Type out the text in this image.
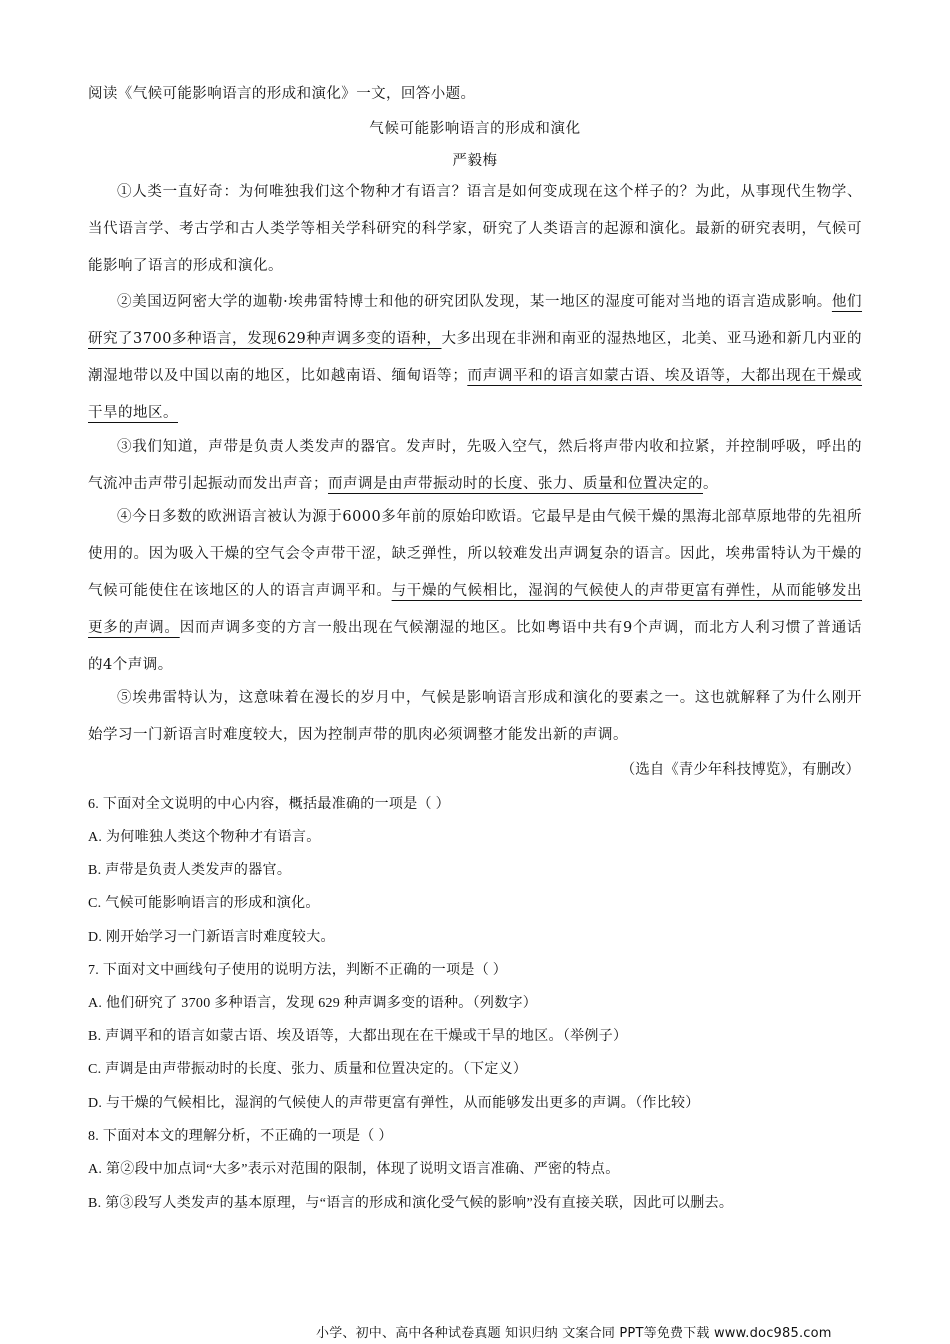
阅读《气候可能影响语言的形成和演化》一文，回答小题。
气候可能影响语言的形成和演化
严毅梅
①人类一直好奇：为何唯独我们这个物种才有语言？语言是如何变成现在这个样子的？为此，从事现代生物学、当代语言学、考古学和古人类学等相关学科研究的科学家，研究了人类语言的起源和演化。最新的研究表明，气候可能影响了语言的形成和演化。
②美国迈阿密大学的迦勒·埃弗雷特博士和他的研究团队发现，某一地区的湿度可能对当地的语言造成影响。他们研究了3700多种语言，发现629种声调多变的语种，大多出现在非洲和南亚的湿热地区，北美、亚马逊和新几内亚的潮湿地带以及中国以南的地区，比如越南语、缅甸语等；而声调平和的语言如蒙古语、埃及语等，大都出现在干燥或干旱的地区。
③我们知道，声带是负责人类发声的器官。发声时，先吸入空气，然后将声带内收和拉紧，并控制呼吸，呼出的气流冲击声带引起振动而发出声音；而声调是由声带振动时的长度、张力、质量和位置决定的。
④今日多数的欧洲语言被认为源于6000多年前的原始印欧语。它最早是由气候干燥的黑海北部草原地带的先祖所使用的。因为吸入干燥的空气会令声带干涩，缺乏弹性，所以较难发出声调复杂的语言。因此，埃弗雷特认为干燥的气候可能使住在该地区的人的语言声调平和。与干燥的气候相比，湿润的气候使人的声带更富有弹性，从而能够发出更多的声调。因而声调多变的方言一般出现在气候潮湿的地区。比如粤语中共有9个声调，而北方人利习惯了普通话的4个声调。
⑤埃弗雷特认为，这意味着在漫长的岁月中，气候是影响语言形成和演化的要素之一。这也就解释了为什么刚开始学习一门新语言时难度较大，因为控制声带的肌肉必须调整才能发出新的声调。
（选自《青少年科技博览》，有删改）
6. 下面对全文说明的中心内容，概括最准确的一项是（ ）
A. 为何唯独人类这个物种才有语言。
B. 声带是负责人类发声的器官。
C. 气候可能影响语言的形成和演化。
D. 刚开始学习一门新语言时难度较大。
7. 下面对文中画线句子使用的说明方法，判断不正确的一项是（ ）
A. 他们研究了 3700 多种语言，发现 629 种声调多变的语种。（列数字）
B. 声调平和的语言如蒙古语、埃及语等，大都出现在在干燥或干旱的地区。（举例子）
C. 声调是由声带振动时的长度、张力、质量和位置决定的。（下定义）
D. 与干燥的气候相比，湿润的气候使人的声带更富有弹性，从而能够发出更多的声调。（作比较）
8. 下面对本文的理解分析，不正确的一项是（ ）
A. 第②段中加点词“大多”表示对范围的限制，体现了说明文语言准确、严密的特点。
B. 第③段写人类发声的基本原理，与“语言的形成和演化受气候的影响”没有直接关联，因此可以删去。
小学、初中、高中各种试卷真题 知识归纳 文案合同 PPT等免费下载 www.doc985.com
